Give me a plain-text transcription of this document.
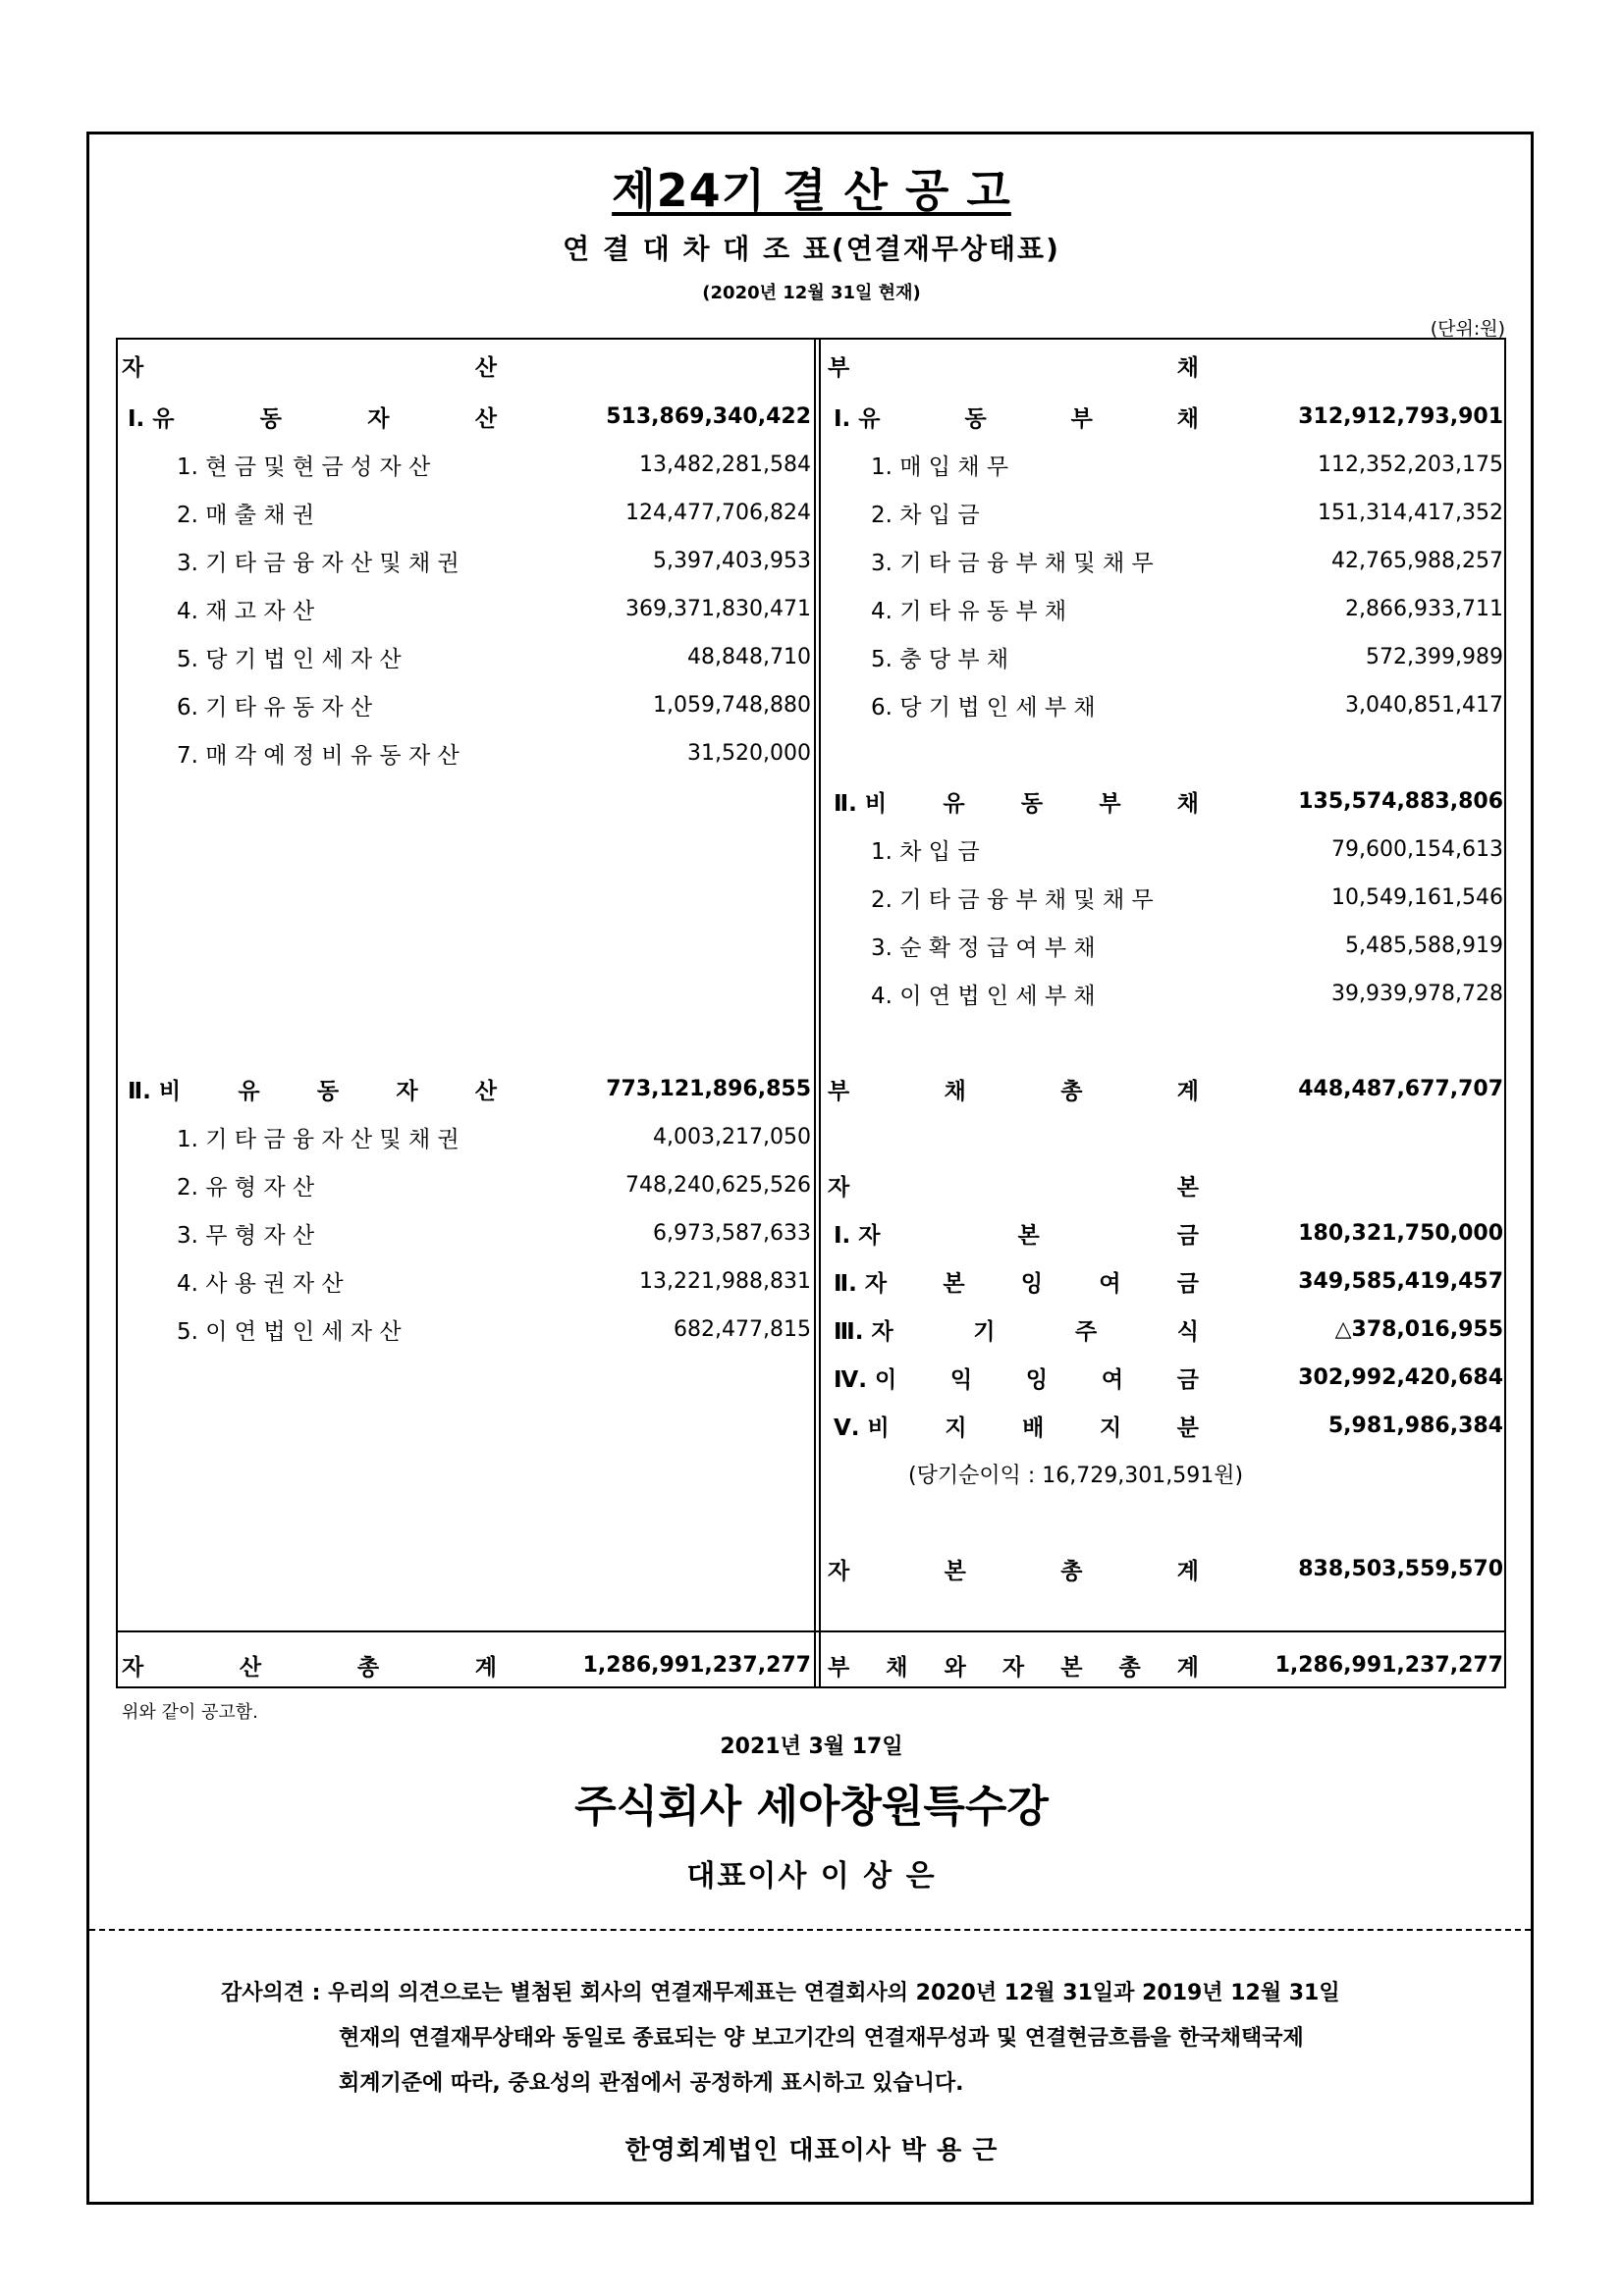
제24기 결 산 공 고
연 결 대 차 대 조 표(연결재무상태표)
(2020년 12월 31일 현재)
(단위:원)
자	산
Ⅰ. 유	동	자	산	513,869,340,422
1. 현 금 및 현 금 성 자 산	13,482,281,584
2. 매 출 채 권	124,477,706,824
3. 기 타 금 융 자 산 및 채 권	5,397,403,953
4. 재 고 자 산	369,371,830,471
5. 당 기 법 인 세 자 산	48,848,710
6. 기 타 유 동 자 산	1,059,748,880
7. 매 각 예 정 비 유 동 자 산	31,520,000
Ⅱ. 비	유	동	자	산	773,121,896,855
1. 기 타 금 융 자 산 및 채 권	4,003,217,050
2. 유 형 자 산	748,240,625,526
3. 무 형 자 산	6,973,587,633
4. 사 용 권 자 산	13,221,988,831
5. 이 연 법 인 세 자 산	682,477,815
자	산	총	계	1,286,991,237,277
부	채
Ⅰ. 유	동	부	채	312,912,793,901
1. 매 입 채 무	112,352,203,175
2. 차 입 금	151,314,417,352
3. 기 타 금 융 부 채 및 채 무	42,765,988,257
4. 기 타 유 동 부 채	2,866,933,711
5. 충 당 부 채	572,399,989
6. 당 기 법 인 세 부 채	3,040,851,417
Ⅱ. 비 유 동 부 채	135,574,883,806
1. 차 입 금	79,600,154,613
2. 기 타 금 융 부 채 및 채 무	10,549,161,546
3. 순 확 정 급 여 부 채	5,485,588,919
4. 이 연 법 인 세 부 채	39,939,978,728
부	채	총	계	448,487,677,707
자	본
Ⅰ. 자	본	금	180,321,750,000
Ⅱ. 자 본 잉 여 금	349,585,419,457
Ⅲ. 자	기	주	식	△378,016,955
Ⅳ. 이 익 잉 여 금	302,992,420,684
Ⅴ. 비 지 배 지 분	5,981,986,384
(당기순이익 : 16,729,301,591원)
자	본	총	계	838,503,559,570
부 채 와 자 본 총 계	1,286,991,237,277
위와 같이 공고함.
2021년 3월 17일
주식회사 세아창원특수강
대표이사 이 상 은
감사의견 : 우리의 의견으로는 별첨된 회사의 연결재무제표는 연결회사의 2020년 12월 31일과 2019년 12월 31일
현재의 연결재무상태와 동일로 종료되는 양 보고기간의 연결재무성과 및 연결현금흐름을 한국채택국제
회계기준에 따라, 중요성의 관점에서 공정하게 표시하고 있습니다.
한영회계법인 대표이사 박 용 근
